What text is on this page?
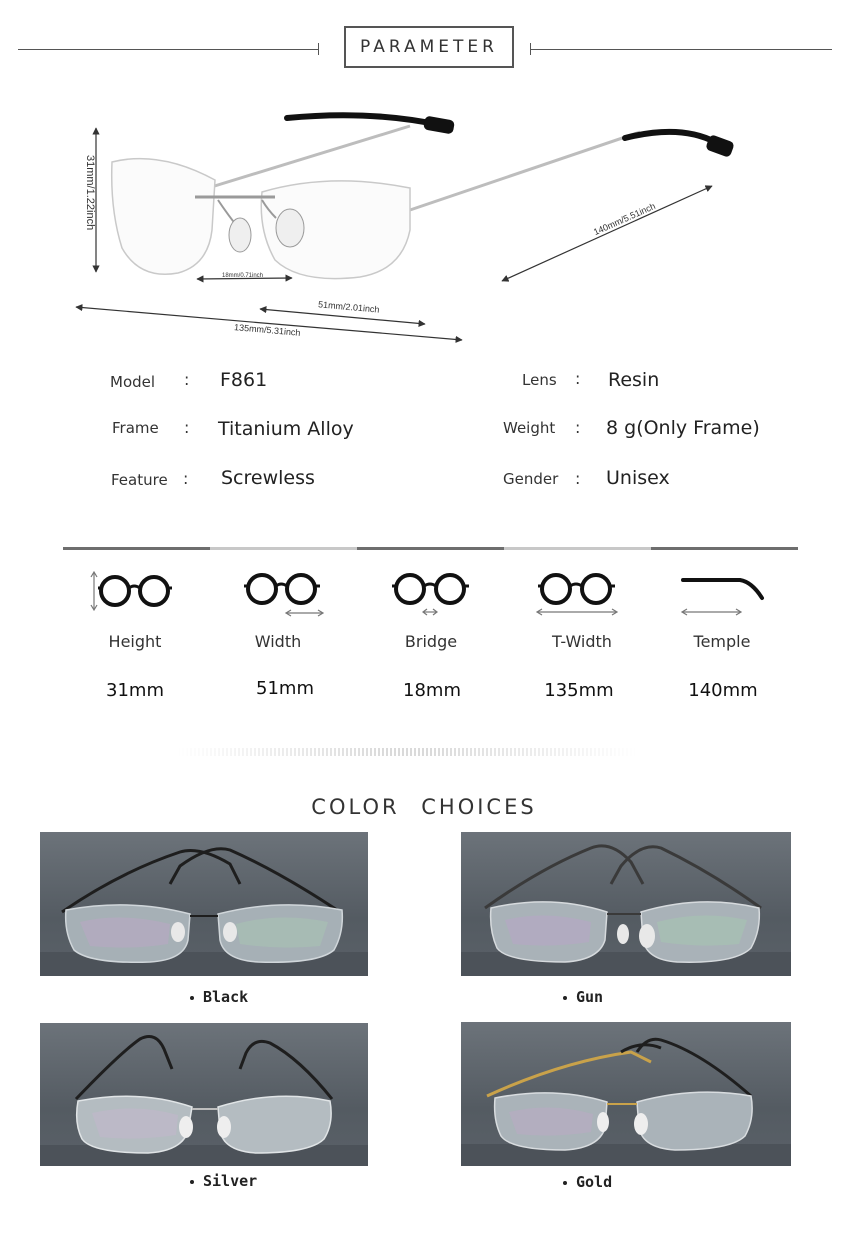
PARAMETER
31mm/1.22inch
18mm/0.71inch
51mm/2.01inch
135mm/5.31inch
140mm/5.51inch
Model : F861
Frame : Titanium Alloy
Feature : Screwless
Lens : Resin
Weight : 8 g(Only Frame)
Gender : Unisex
Height	Width	Bridge	T-Width	Temple
31mm	51mm	18mm	135mm	140mm
COLOR CHOICES
Black	Gun
Silver	Gold
